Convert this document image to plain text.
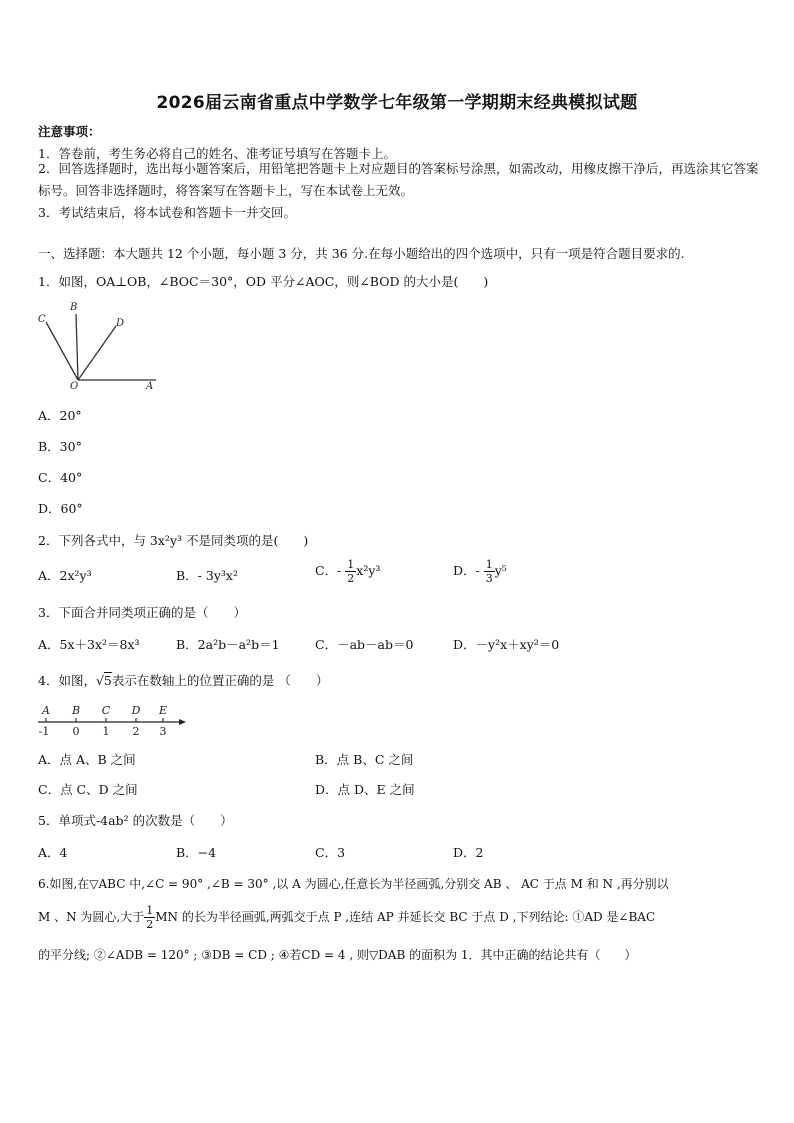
2026届云南省重点中学数学七年级第一学期期末经典模拟试题
注意事项：
1．答卷前，考生务必将自己的姓名、准考证号填写在答题卡上。
2．回答选择题时，选出每小题答案后，用铅笔把答题卡上对应题目的答案标号涂黑，如需改动，用橡皮擦干净后，再选涂其它答案标号。回答非选择题时，将答案写在答题卡上，写在本试卷上无效。
3．考试结束后，将本试卷和答题卡一并交回。
一、选择题：本大题共 12 个小题，每小题 3 分，共 36 分.在每小题给出的四个选项中，只有一项是符合题目要求的.
1．如图，OA⊥OB，∠BOC＝30°，OD 平分∠AOC，则∠BOD 的大小是(　　)
C
B
D
O	A
A．20°
B．30°
C．40°
D．60°
2．下列各式中，与 3x²y³ 不是同类项的是(　　)
A．2x²y³	B．- 3y³x²	C．- $\frac{1}{2} x^2y^3$	D．- $\frac{1}{3} y^5$
3．下面合并同类项正确的是（　　）
A．5x＋3x²＝8x³	B．2a²b－a²b＝1	C．－ab－ab＝0	D．－y²x＋xy²＝0
4．如图，√5表示在数轴上的位置正确的是 （　　）
A B C D E
-1 0 1 2 3
A．点 A、B 之间	B．点 B、C 之间
C．点 C、D 之间	D．点 D、E 之间
5．单项式-4ab² 的次数是（　　）
A．4	B．−4	C．3	D．2
6.如图,在▽ABC 中,∠C = 90° ,∠B = 30° ,以 A 为圆心,任意长为半径画弧,分别交 AB 、 AC 于点 M 和 N ,再分别以
M 、N 为圆心,大于 $\frac{1}{2}$ MN 的长为半径画弧,两弧交于点 P ,连结 AP 并延长交 BC 于点 D ,下列结论: ①AD 是∠BAC
的平分线; ②∠ADB = 120° ; ③DB = CD ; ④若CD = 4 , 则▽DAB 的面积为 1．其中正确的结论共有（　　）
